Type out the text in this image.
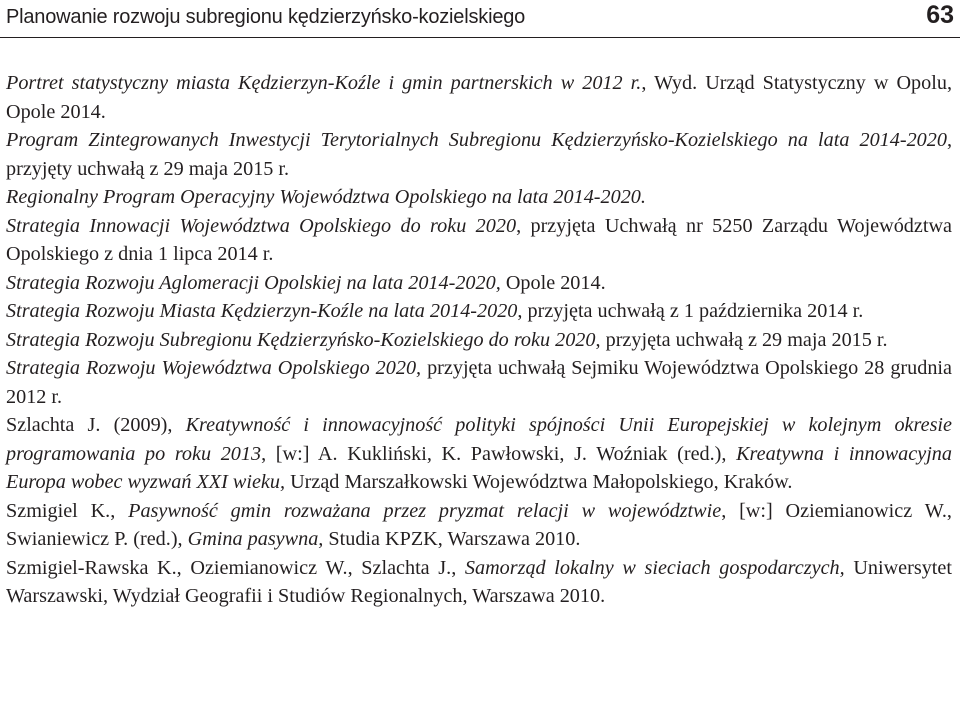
Planowanie rozwoju subregionu kędzierzyńsko-kozielskiego	63

Portret statystyczny miasta Kędzierzyn-Koźle i gmin partnerskich w 2012 r., Wyd. Urząd Statystyczny w Opolu, Opole 2014.

Program Zintegrowanych Inwestycji Terytorialnych Subregionu Kędzierzyńsko-Kozielskiego na lata 2014-2020, przyjęty uchwałą z 29 maja 2015 r.

Regionalny Program Operacyjny Województwa Opolskiego na lata 2014-2020.

Strategia Innowacji Województwa Opolskiego do roku 2020, przyjęta Uchwałą nr 5250 Zarządu Województwa Opolskiego z dnia 1 lipca 2014 r.

Strategia Rozwoju Aglomeracji Opolskiej na lata 2014-2020, Opole 2014.

Strategia Rozwoju Miasta Kędzierzyn-Koźle na lata 2014-2020, przyjęta uchwałą z 1 października 2014 r.

Strategia Rozwoju Subregionu Kędzierzyńsko-Kozielskiego do roku 2020, przyjęta uchwałą z 29 maja 2015 r.

Strategia Rozwoju Województwa Opolskiego 2020, przyjęta uchwałą Sejmiku Województwa Opolskiego 28 grudnia 2012 r.

Szlachta J. (2009), Kreatywność i innowacyjność polityki spójności Unii Europejskiej w kolejnym okresie programowania po roku 2013, [w:] A. Kukliński, K. Pawłowski, J. Woźniak (red.), Kreatywna i innowacyjna Europa wobec wyzwań XXI wieku, Urząd Marszałkowski Województwa Małopolskiego, Kraków.

Szmigiel K., Pasywność gmin rozważana przez pryzmat relacji w województwie, [w:] Oziemianowicz W., Swianiewicz P. (red.), Gmina pasywna, Studia KPZK, Warszawa 2010.

Szmigiel-Rawska K., Oziemianowicz W., Szlachta J., Samorząd lokalny w sieciach gospodarczych, Uniwersytet Warszawski, Wydział Geografii i Studiów Regionalnych, Warszawa 2010.
